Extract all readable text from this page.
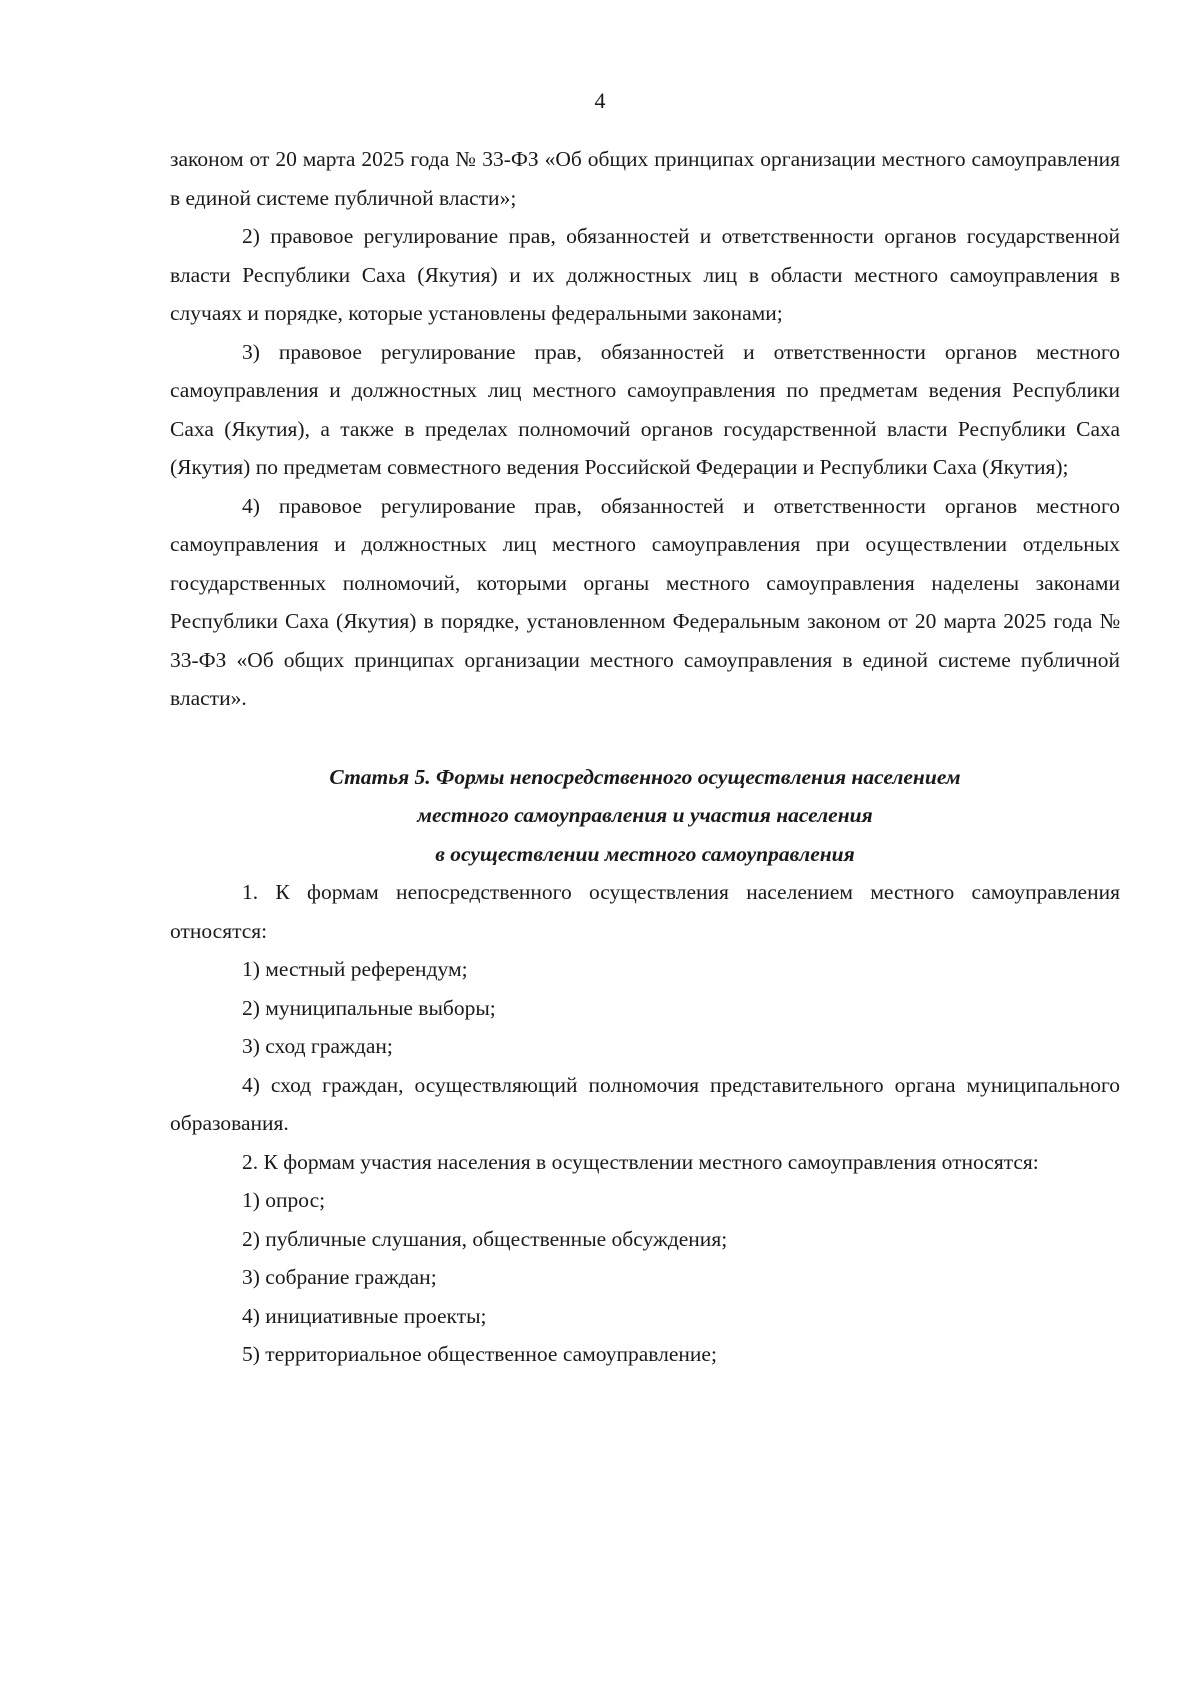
4

законом от 20 марта 2025 года № 33-ФЗ «Об общих принципах организации местного самоуправления в единой системе публичной власти»;

2) правовое регулирование прав, обязанностей и ответственности органов государственной власти Республики Саха (Якутия) и их должностных лиц в области местного самоуправления в случаях и порядке, которые установлены федеральными законами;

3) правовое регулирование прав, обязанностей и ответственности органов местного самоуправления и должностных лиц местного самоуправления по предметам ведения Республики Саха (Якутия), а также в пределах полномочий органов государственной власти Республики Саха (Якутия) по предметам совместного ведения Российской Федерации и Республики Саха (Якутия);

4) правовое регулирование прав, обязанностей и ответственности органов местного самоуправления и должностных лиц местного самоуправления при осуществлении отдельных государственных полномочий, которыми органы местного самоуправления наделены законами Республики Саха (Якутия) в порядке, установленном Федеральным законом от 20 марта 2025 года № 33-ФЗ «Об общих принципах организации местного самоуправления в единой системе публичной власти».

Статья 5. Формы непосредственного осуществления населением
местного самоуправления и участия населения
в осуществлении местного самоуправления

1. К формам непосредственного осуществления населением местного самоуправления относятся:

1) местный референдум;

2) муниципальные выборы;

3) сход граждан;

4) сход граждан, осуществляющий полномочия представительного органа муниципального образования.

2. К формам участия населения в осуществлении местного самоуправления относятся:

1) опрос;

2) публичные слушания, общественные обсуждения;

3) собрание граждан;

4) инициативные проекты;

5) территориальное общественное самоуправление;
